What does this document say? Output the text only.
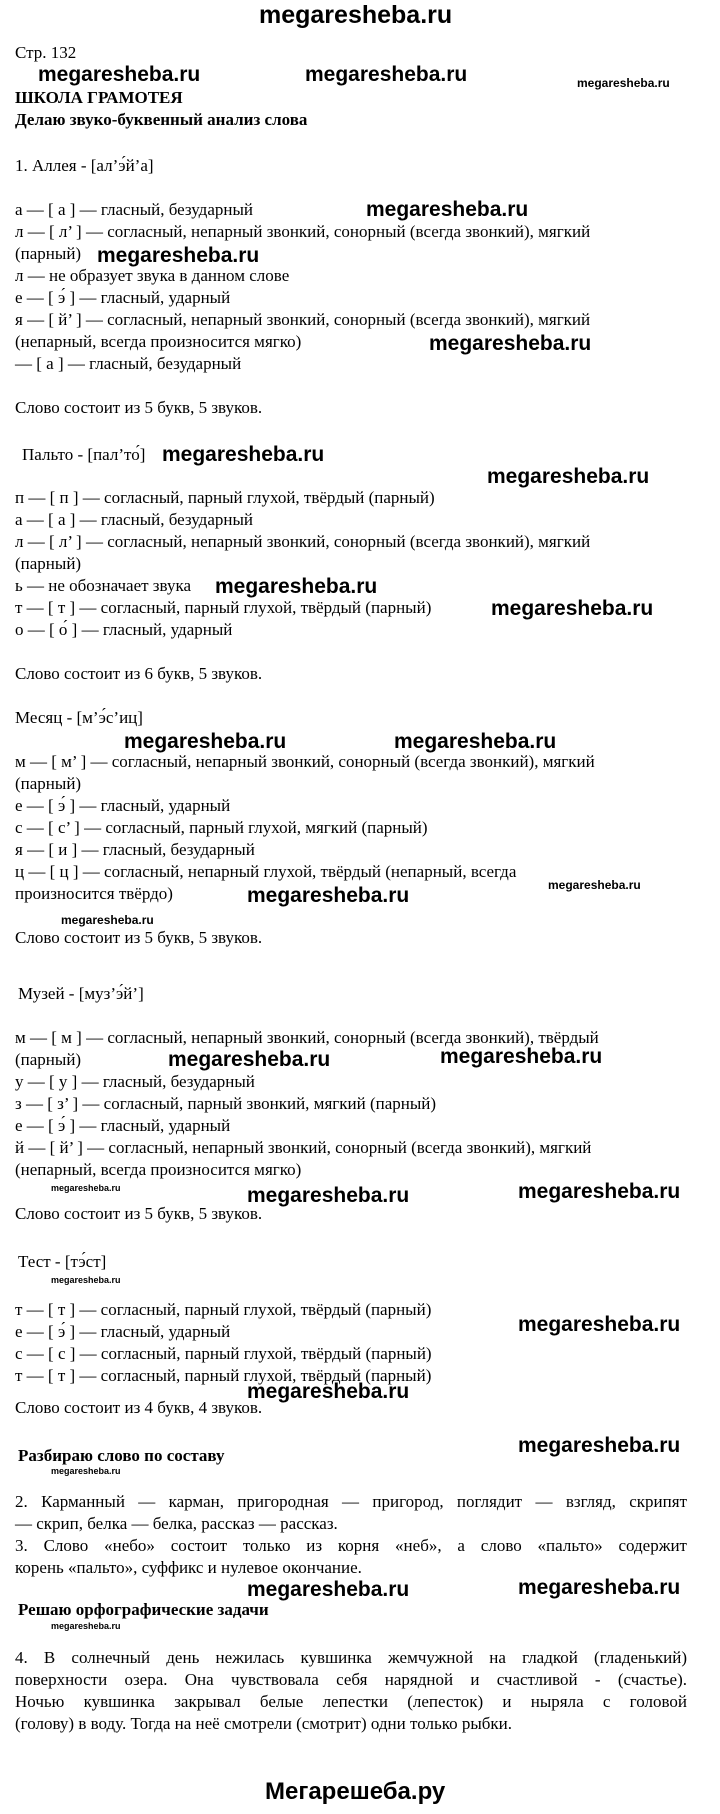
megaresheba.ru
Стр. 132
megaresheba.ru	megaresheba.ru	megaresheba.ru
ШКОЛА ГРАМОТЕЯ
Делаю звуко-буквенный анализ слова
1. Аллея - [ал’э́й’а]
а — [ а ] — гласный, безударный	megaresheba.ru
л — [ л’ ] — согласный, непарный звонкий, сонорный (всегда звонкий), мягкий
(парный) megaresheba.ru
л — не образует звука в данном слове
е — [ э́ ] — гласный, ударный
я — [ й’ ] — согласный, непарный звонкий, сонорный (всегда звонкий), мягкий
(непарный, всегда произносится мягко)	megaresheba.ru
— [ а ] — гласный, безударный
Слово состоит из 5 букв, 5 звуков.
Пальто - [пал’то́] megaresheba.ru
megaresheba.ru
п — [ п ] — согласный, парный глухой, твёрдый (парный)
а — [ а ] — гласный, безударный
л — [ л’ ] — согласный, непарный звонкий, сонорный (всегда звонкий), мягкий
(парный)
ь — не обозначает звука megaresheba.ru
т — [ т ] — согласный, парный глухой, твёрдый (парный)	megaresheba.ru
о — [ о́ ] — гласный, ударный
Слово состоит из 6 букв, 5 звуков.
Месяц - [м’э́с’иц]
megaresheba.ru	megaresheba.ru
м — [ м’ ] — согласный, непарный звонкий, сонорный (всегда звонкий), мягкий
(парный)
е — [ э́ ] — гласный, ударный
с — [ с’ ] — согласный, парный глухой, мягкий (парный)
я — [ и ] — гласный, безударный
ц — [ ц ] — согласный, непарный глухой, твёрдый (непарный, всегда
произносится твёрдо)	megaresheba.ru	megaresheba.ru
megaresheba.ru
Слово состоит из 5 букв, 5 звуков.
Музей - [муз’э́й’]
м — [ м ] — согласный, непарный звонкий, сонорный (всегда звонкий), твёрдый
(парный)	megaresheba.ru	megaresheba.ru
у — [ у ] — гласный, безударный
з — [ з’ ] — согласный, парный звонкий, мягкий (парный)
е — [ э́ ] — гласный, ударный
й — [ й’ ] — согласный, непарный звонкий, сонорный (всегда звонкий), мягкий
(непарный, всегда произносится мягко)
megaresheba.ru	megaresheba.ru	megaresheba.ru
Слово состоит из 5 букв, 5 звуков.
Тест - [тэ́ст]
megaresheba.ru
т — [ т ] — согласный, парный глухой, твёрдый (парный)
megaresheba.ru
е — [ э́ ] — гласный, ударный
с — [ с ] — согласный, парный глухой, твёрдый (парный)
т — [ т ] — согласный, парный глухой, твёрдый (парный)
megaresheba.ru
Слово состоит из 4 букв, 4 звуков.
megaresheba.ru
Разбираю слово по составу
megaresheba.ru
2. Карманный — карман, пригородная — пригород, поглядит — взгляд, скрипят
— скрип, белка — белка, рассказ — рассказ.
3. Слово «небо» состоит только из корня «неб», а слово «пальто» содержит
корень «пальто», суффикс и нулевое окончание.
megaresheba.ru	megaresheba.ru
Решаю орфографические задачи
megaresheba.ru
4. В солнечный день нежилась кувшинка жемчужной на гладкой (гладенький)
поверхности озера. Она чувствовала себя нарядной и счастливой - (счастье).
Ночью кувшинка закрывал белые лепестки (лепесток) и ныряла с головой
(голову) в воду. Тогда на неё смотрели (смотрит) одни только рыбки.
Мегарешеба.ру
